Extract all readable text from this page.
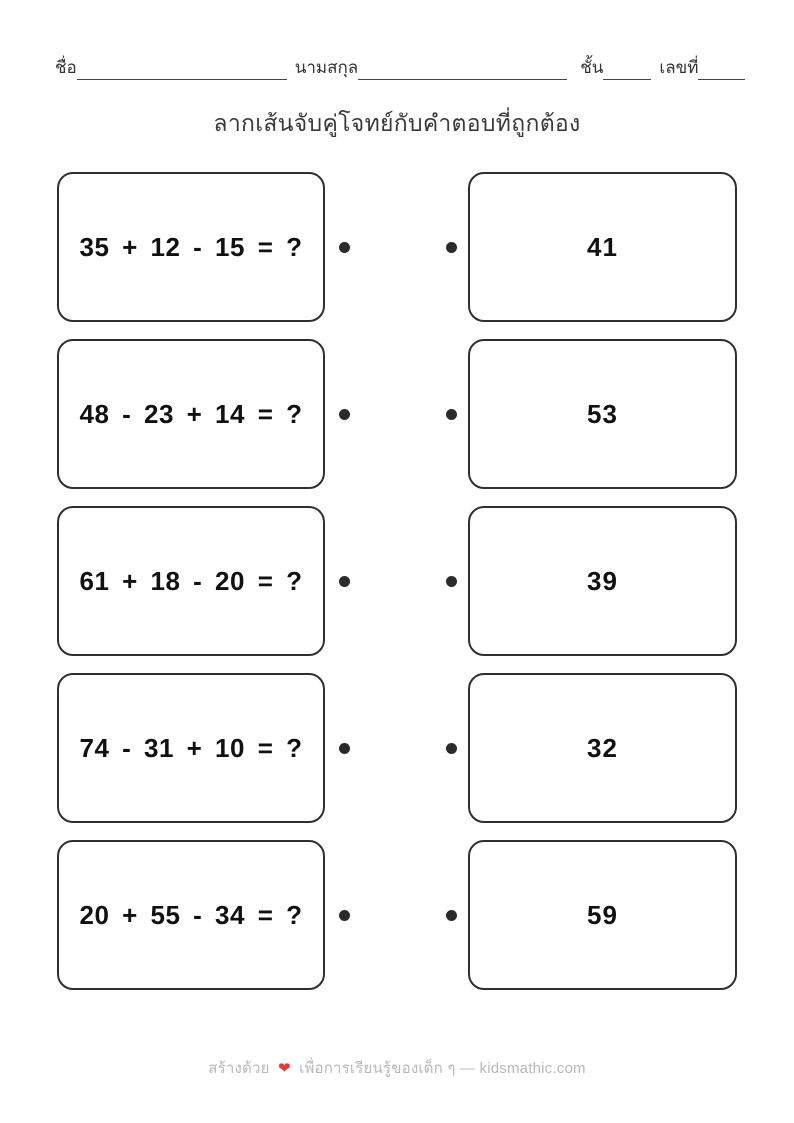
ชื่อ	นามสกุล	ชั้น	เลขที่
ลากเส้นจับคู่โจทย์กับคำตอบที่ถูกต้อง
35 + 12 - 15 = ?	41
48 - 23 + 14 = ?	53
61 + 18 - 20 = ?	39
74 - 31 + 10 = ?	32
20 + 55 - 34 = ?	59
สร้างด้วย ❤ เพื่อการเรียนรู้ของเด็ก ๆ — kidsmathic.com
